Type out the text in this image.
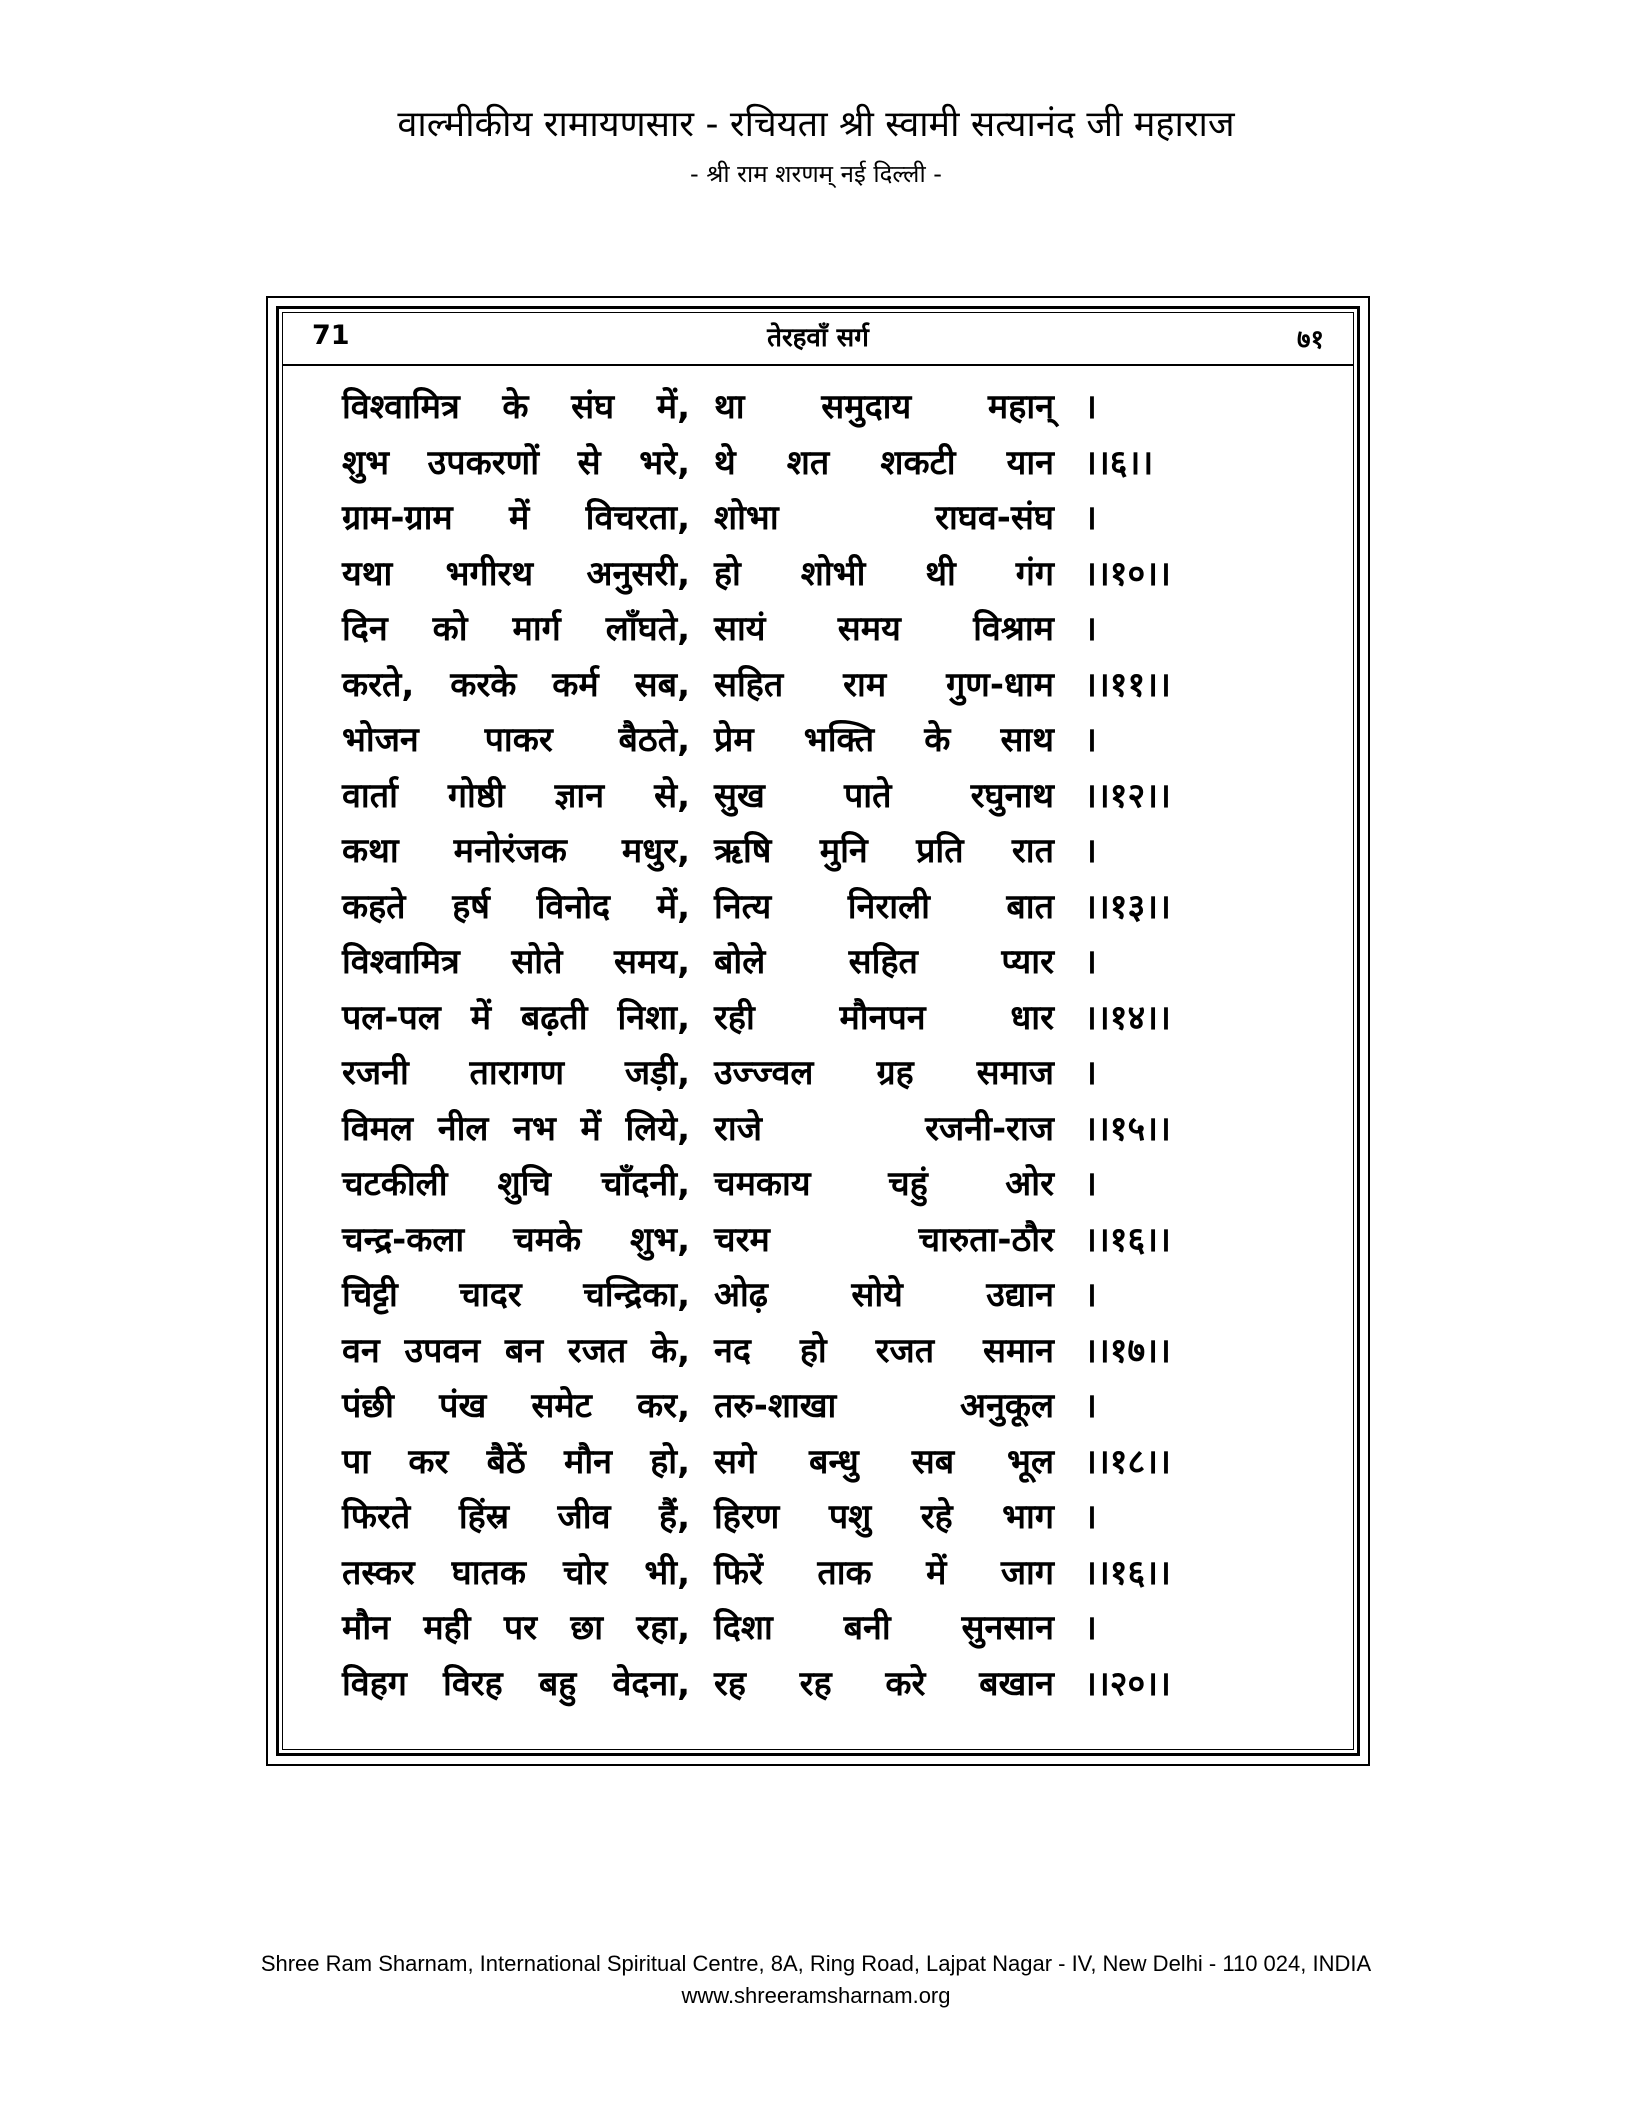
वाल्मीकीय रामायणसार - रचियता श्री स्वामी सत्यानंद जी महाराज
- श्री राम शरणम् नई दिल्ली -
71	तेरहवाँ सर्ग	७१
विश्वामित्र के संघ में, था समुदाय महान् ।
शुभ उपकरणों से भरे, थे शत शकटी यान ।।६।।
ग्राम-ग्राम में विचरता, शोभा राघव-संघ ।
यथा भगीरथ अनुसरी, हो शोभी थी गंग ।।१०।।
दिन को मार्ग लाँघते, सायं समय विश्राम ।
करते, करके कर्म सब, सहित राम गुण-धाम ।।११।।
भोजन पाकर बैठते, प्रेम भक्ति के साथ ।
वार्ता गोष्ठी ज्ञान से, सुख पाते रघुनाथ ।।१२।।
कथा मनोरंजक मधुर, ऋषि मुनि प्रति रात ।
कहते हर्ष विनोद में, नित्य निराली बात ।।१३।।
विश्वामित्र सोते समय, बोले सहित प्यार ।
पल-पल में बढ़ती निशा, रही मौनपन धार ।।१४।।
रजनी तारागण जड़ी, उज्ज्वल ग्रह समाज ।
विमल नील नभ में लिये, राजे रजनी-राज ।।१५।।
चटकीली शुचि चाँदनी, चमकाय चहुं ओर ।
चन्द्र-कला चमके शुभ, चरम चारुता-ठौर ।।१६।।
चिट्टी चादर चन्द्रिका, ओढ़ सोये उद्यान ।
वन उपवन बन रजत के, नद हो रजत समान ।।१७।।
पंछी पंख समेट कर, तरु-शाखा अनुकूल ।
पा कर बैठें मौन हो, सगे बन्धु सब भूल ।।१८।।
फिरते हिंस्र जीव हैं, हिरण पशु रहे भाग ।
तस्कर घातक चोर भी, फिरें ताक में जाग ।।१६।।
मौन मही पर छा रहा, दिशा बनी सुनसान ।
विहग विरह बहु वेदना, रह रह करे बखान ।।२०।।
Shree Ram Sharnam, International Spiritual Centre, 8A, Ring Road, Lajpat Nagar - IV, New Delhi - 110 024, INDIA
www.shreeramsharnam.org
